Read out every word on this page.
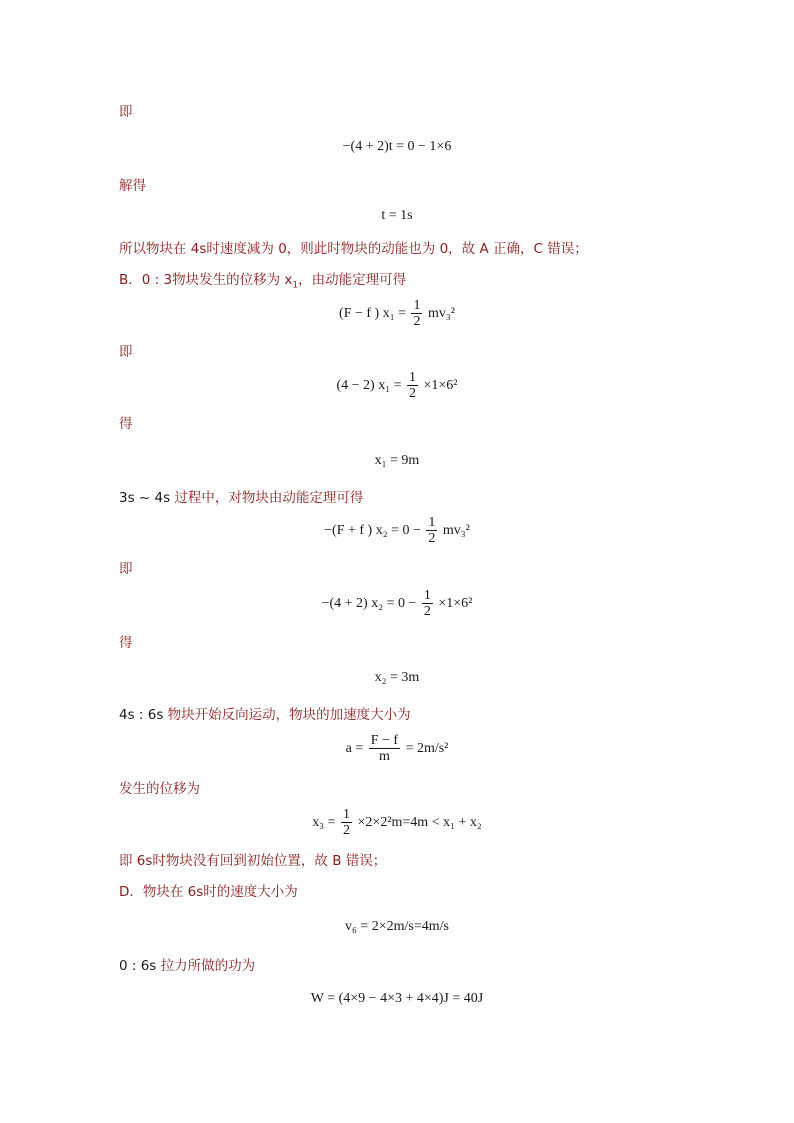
即
−(4 + 2)t = 0 − 1×6
解得
t = 1s
所以物块在 4s时速度减为 0，则此时物块的动能也为 0，故 A 正确，C 错误；
B．0 : 3物块发生的位移为 $x_1$，由动能定理可得
(F − f ) $x_1 = \frac{1}{2} mv_3^2$
即
(4 − 2) $x_1 = \frac{1}{2} \times 1\times 6^2$
得
x₁ = 9m
3s ~ 4s 过程中，对物块由动能定理可得
−(F + f ) $x_2 = 0 - \frac{1}{2} mv_3^2$
即
−(4 + 2) $x_2 = 0 - \frac{1}{2} \times 1\times 6^2$
得
x₂ = 3m
4s : 6s 物块开始反向运动，物块的加速度大小为
$a = \frac{F - f}{m} = 2m/s^2$
发生的位移为
$x_3 = \frac{1}{2} \times 2\times 2^2m=4m < x_1 + x_2$
即 6s时物块没有回到初始位置，故 B 错误；
D．物块在 6s时的速度大小为
v₆ = 2×2m/s=4m/s
0 : 6s 拉力所做的功为
W = (4×9 − 4×3 + 4×4)J = 40J
